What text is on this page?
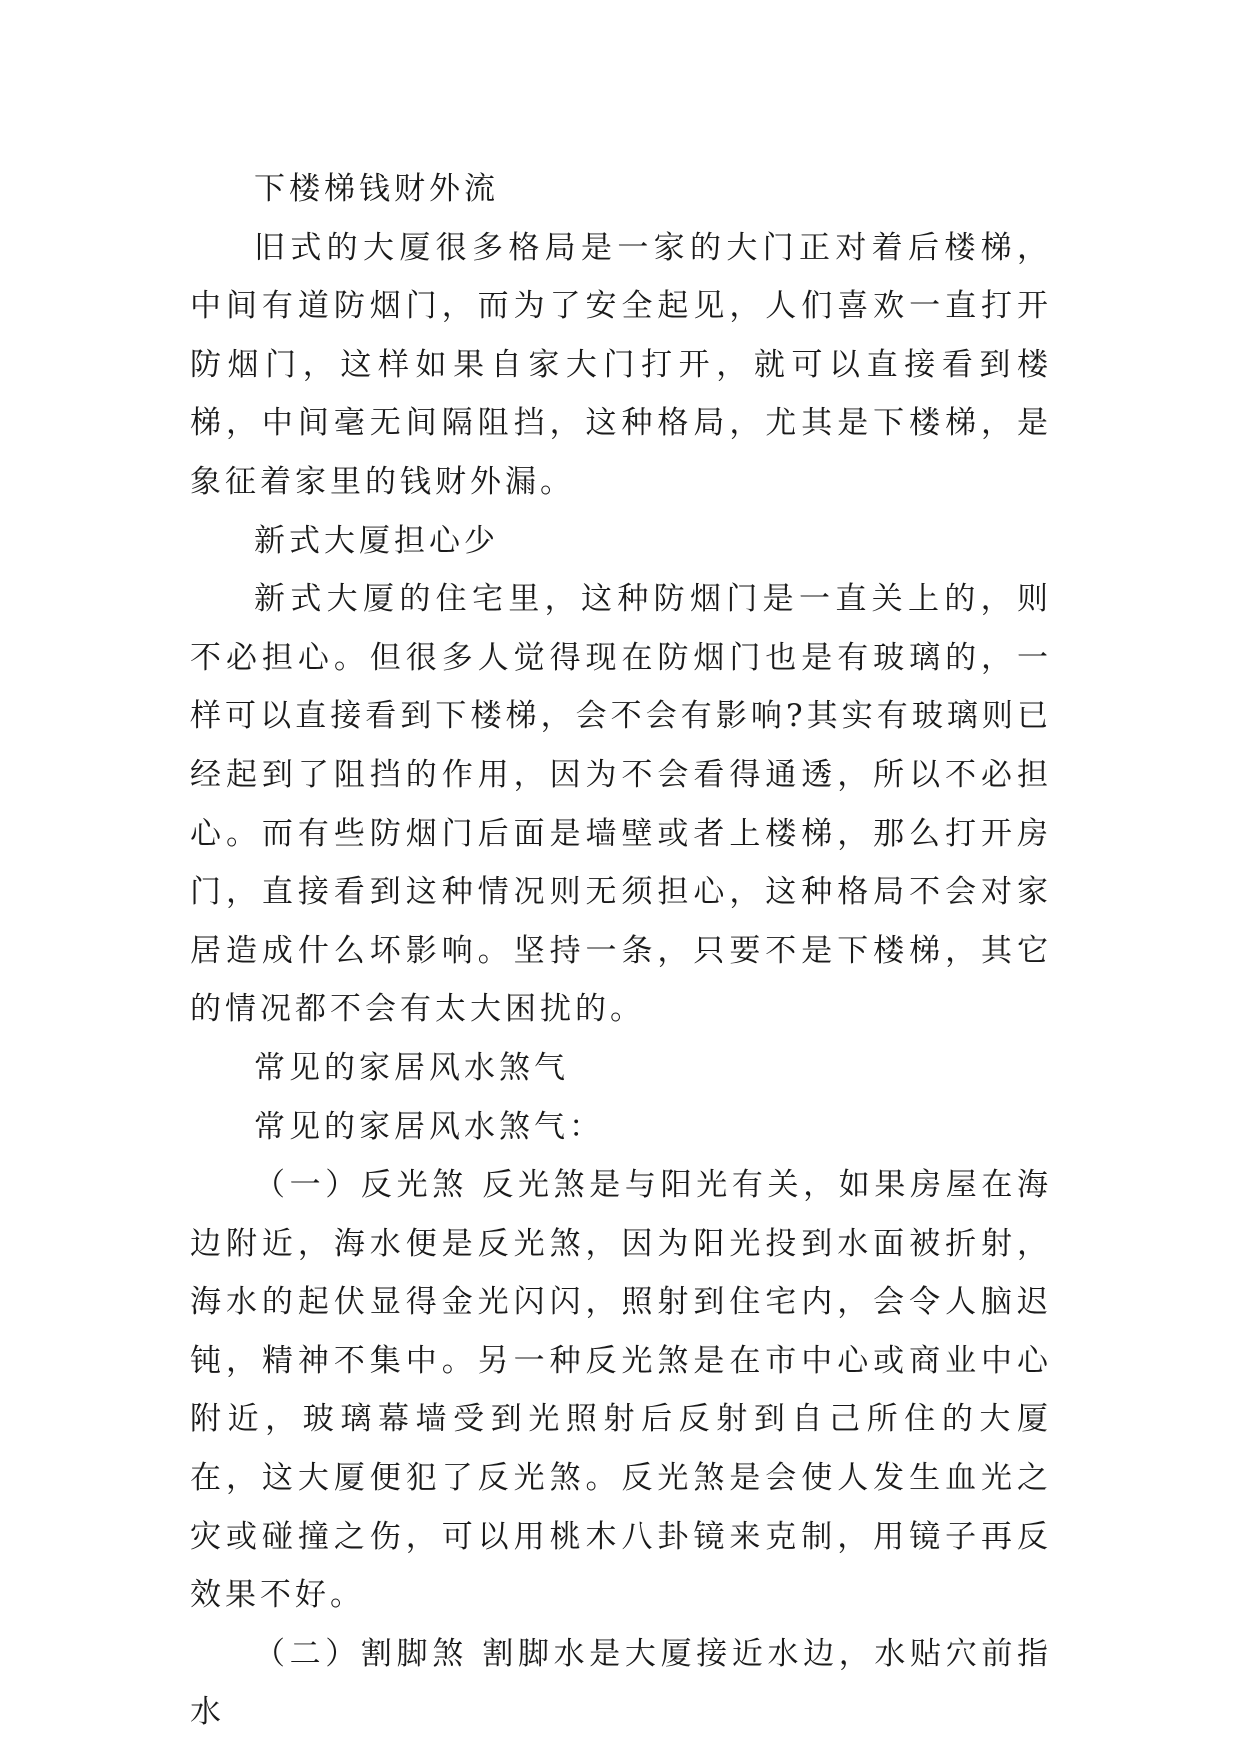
下楼梯钱财外流

旧式的大厦很多格局是一家的大门正对着后楼梯，中间有道防烟门，而为了安全起见，人们喜欢一直打开防烟门，这样如果自家大门打开，就可以直接看到楼梯，中间毫无间隔阻挡，这种格局，尤其是下楼梯，是象征着家里的钱财外漏。

新式大厦担心少

新式大厦的住宅里，这种防烟门是一直关上的，则不必担心。但很多人觉得现在防烟门也是有玻璃的，一样可以直接看到下楼梯，会不会有影响?其实有玻璃则已经起到了阻挡的作用，因为不会看得通透，所以不必担心。而有些防烟门后面是墙壁或者上楼梯，那么打开房门，直接看到这种情况则无须担心，这种格局不会对家居造成什么坏影响。坚持一条，只要不是下楼梯，其它的情况都不会有太大困扰的。

常见的家居风水煞气

常见的家居风水煞气：

（一）反光煞 反光煞是与阳光有关，如果房屋在海边附近，海水便是反光煞，因为阳光投到水面被折射，海水的起伏显得金光闪闪，照射到住宅内，会令人脑迟钝，精神不集中。另一种反光煞是在市中心或商业中心附近，玻璃幕墙受到光照射后反射到自己所住的大厦在，这大厦便犯了反光煞。反光煞是会使人发生血光之灾或碰撞之伤，可以用桃木八卦镜来克制，用镜子再反效果不好。

（二）割脚煞 割脚水是大厦接近水边，水贴穴前指水
